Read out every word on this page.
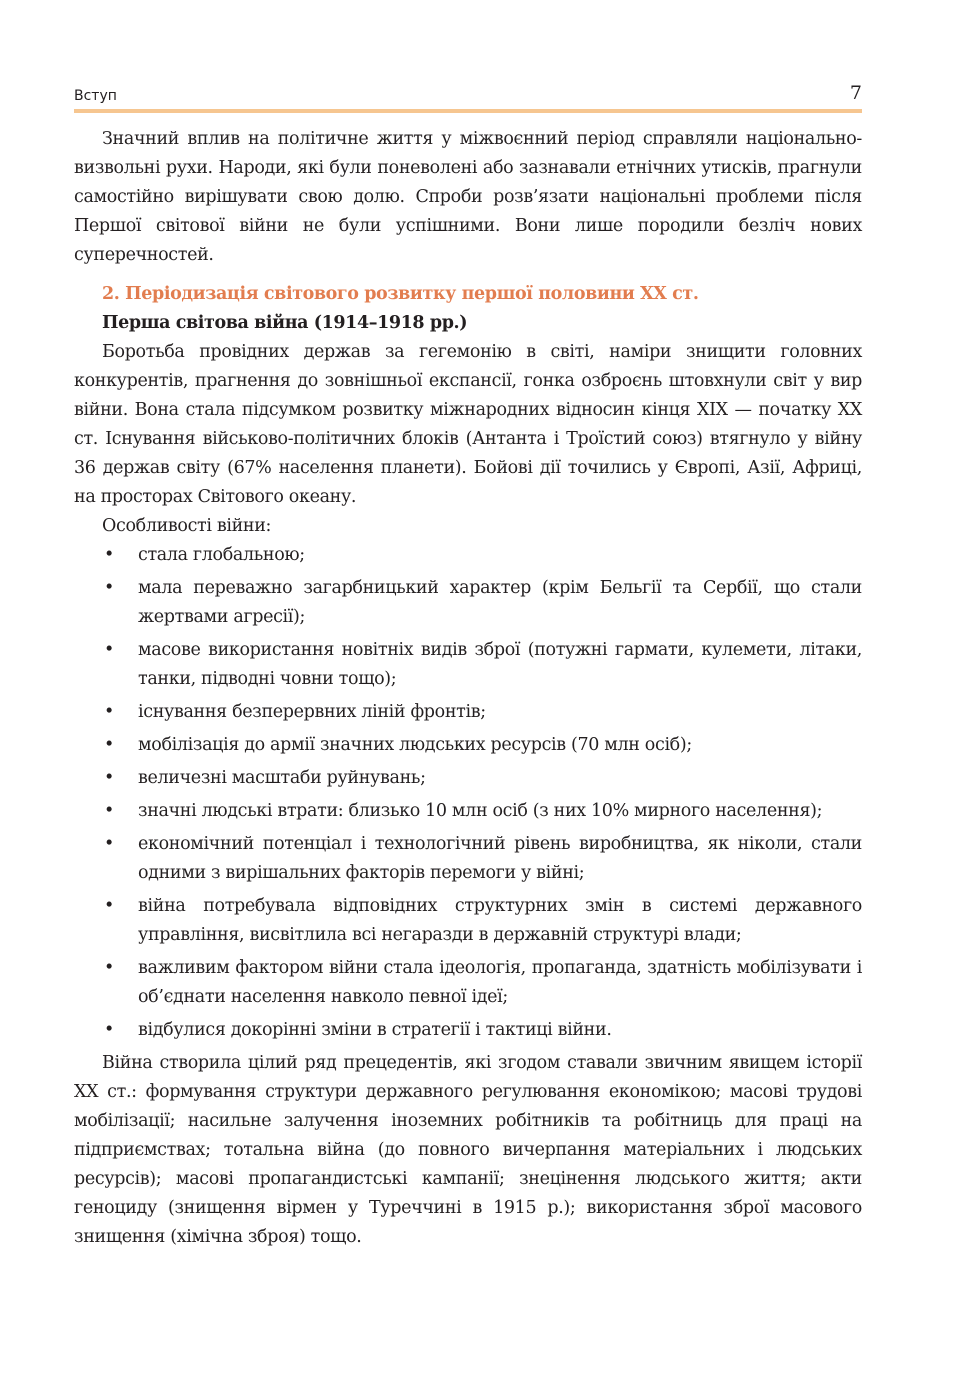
Вступ	7

Значний вплив на політичне життя у міжвоєнний період справляли національно-визвольні рухи. Народи, які були поневолені або зазнавали етнічних утисків, прагнули самостійно вирішувати свою долю. Спроби розв’язати національні проблеми після Першої світової війни не були успішними. Вони лише породили безліч нових суперечностей.

2. Періодизація світового розвитку першої половини XX ст.
Перша світова війна (1914–1918 рр.)

Боротьба провідних держав за гегемонію в світі, наміри знищити головних конкурентів, прагнення до зовнішньої експансії, гонка озброєнь штовхнули світ у вир війни. Вона стала підсумком розвитку міжнародних відносин кінця XIX — початку XX ст. Існування військово-політичних блоків (Антанта і Троїстий союз) втягнуло у війну 36 держав світу (67% населення планети). Бойові дії точились у Європі, Азії, Африці, на просторах Світового океану.

Особливості війни:

• стала глобальною;
• мала переважно загарбницький характер (крім Бельгії та Сербії, що стали жертвами агресії);
• масове використання новітніх видів зброї (потужні гармати, кулемети, літаки, танки, підводні човни тощо);
• існування безперервних ліній фронтів;
• мобілізація до армії значних людських ресурсів (70 млн осіб);
• величезні масштаби руйнувань;
• значні людські втрати: близько 10 млн осіб (з них 10% мирного населення);
• економічний потенціал і технологічний рівень виробництва, як ніколи, стали одними з вирішальних факторів перемоги у війні;
• війна потребувала відповідних структурних змін в системі державного управління, висвітлила всі негаразди в державній структурі влади;
• важливим фактором війни стала ідеологія, пропаганда, здатність мобілізувати і об’єднати населення навколо певної ідеї;
• відбулися докорінні зміни в стратегії і тактиці війни.

Війна створила цілий ряд прецедентів, які згодом ставали звичним явищем історії XX ст.: формування структури державного регулювання економікою; масові трудові мобілізації; насильне залучення іноземних робітників та робітниць для праці на підприємствах; тотальна війна (до повного вичерпання матеріальних і людських ресурсів); масові пропагандистські кампанії; знецінення людського життя; акти геноциду (знищення вірмен у Туреччині в 1915 р.); використання зброї масового знищення (хімічна зброя) тощо.
